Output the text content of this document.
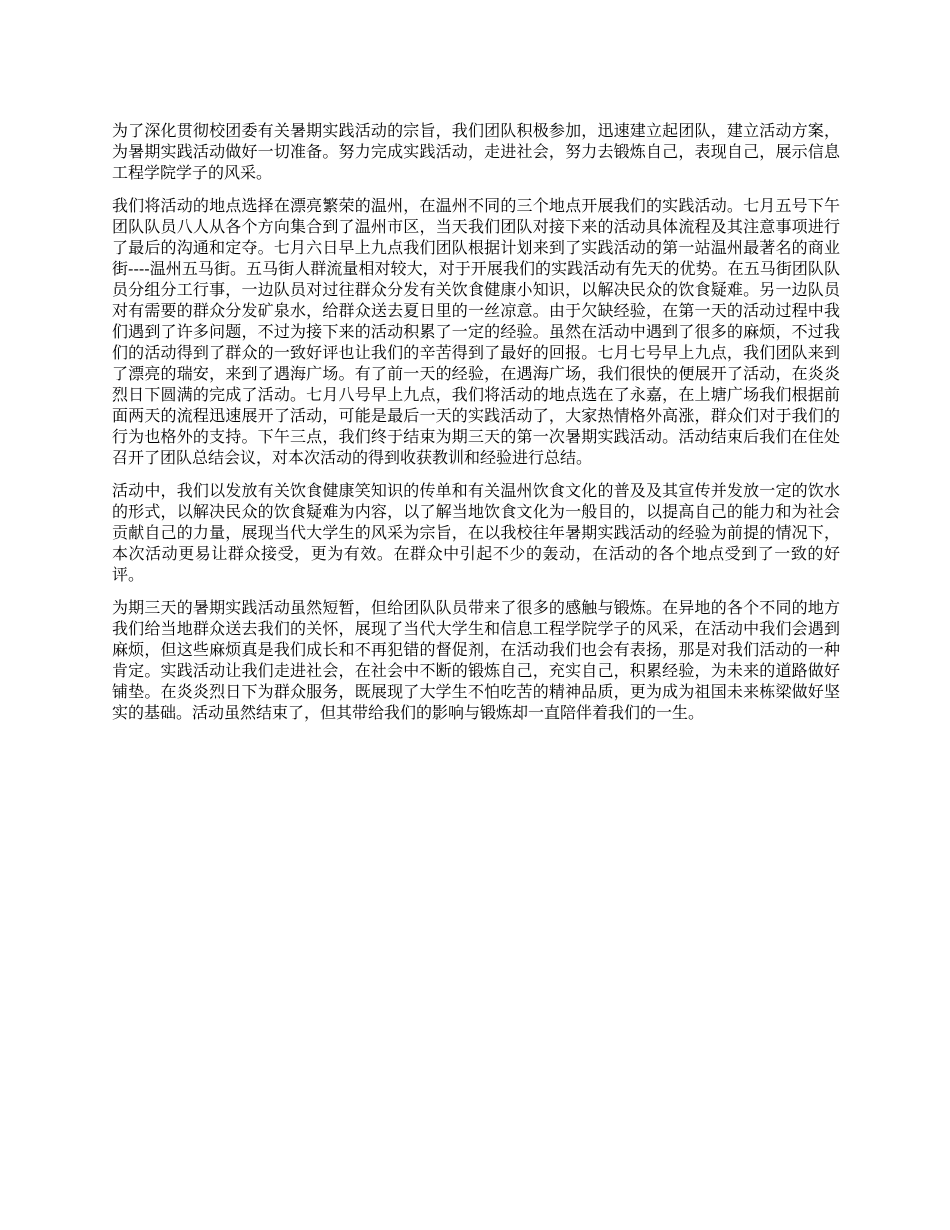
为了深化贯彻校团委有关暑期实践活动的宗旨，我们团队积极参加，迅速建立起团队，建立活动方案，为暑期实践活动做好一切准备。努力完成实践活动，走进社会，努力去锻炼自己，表现自己，展示信息工程学院学子的风采。

我们将活动的地点选择在漂亮繁荣的温州，在温州不同的三个地点开展我们的实践活动。七月五号下午团队队员八人从各个方向集合到了温州市区，当天我们团队对接下来的活动具体流程及其注意事项进行了最后的沟通和定夺。七月六日早上九点我们团队根据计划来到了实践活动的第一站温州最著名的商业街----温州五马街。五马街人群流量相对较大，对于开展我们的实践活动有先天的优势。在五马街团队队员分组分工行事，一边队员对过往群众分发有关饮食健康小知识，以解决民众的饮食疑难。另一边队员对有需要的群众分发矿泉水，给群众送去夏日里的一丝凉意。由于欠缺经验，在第一天的活动过程中我们遇到了许多问题，不过为接下来的活动积累了一定的经验。虽然在活动中遇到了很多的麻烦，不过我们的活动得到了群众的一致好评也让我们的辛苦得到了最好的回报。七月七号早上九点，我们团队来到了漂亮的瑞安，来到了遇海广场。有了前一天的经验，在遇海广场，我们很快的便展开了活动，在炎炎烈日下圆满的完成了活动。七月八号早上九点，我们将活动的地点选在了永嘉，在上塘广场我们根据前面两天的流程迅速展开了活动，可能是最后一天的实践活动了，大家热情格外高涨，群众们对于我们的行为也格外的支持。下午三点，我们终于结束为期三天的第一次暑期实践活动。活动结束后我们在住处召开了团队总结会议，对本次活动的得到收获教训和经验进行总结。

活动中，我们以发放有关饮食健康笑知识的传单和有关温州饮食文化的普及及其宣传并发放一定的饮水的形式，以解决民众的饮食疑难为内容，以了解当地饮食文化为一般目的，以提高自己的能力和为社会贡献自己的力量，展现当代大学生的风采为宗旨，在以我校往年暑期实践活动的经验为前提的情况下，本次活动更易让群众接受，更为有效。在群众中引起不少的轰动，在活动的各个地点受到了一致的好评。

为期三天的暑期实践活动虽然短暂，但给团队队员带来了很多的感触与锻炼。在异地的各个不同的地方我们给当地群众送去我们的关怀，展现了当代大学生和信息工程学院学子的风采，在活动中我们会遇到麻烦，但这些麻烦真是我们成长和不再犯错的督促剂，在活动我们也会有表扬，那是对我们活动的一种肯定。实践活动让我们走进社会，在社会中不断的锻炼自己，充实自己，积累经验，为未来的道路做好铺垫。在炎炎烈日下为群众服务，既展现了大学生不怕吃苦的精神品质，更为成为祖国未来栋梁做好坚实的基础。活动虽然结束了，但其带给我们的影响与锻炼却一直陪伴着我们的一生。
